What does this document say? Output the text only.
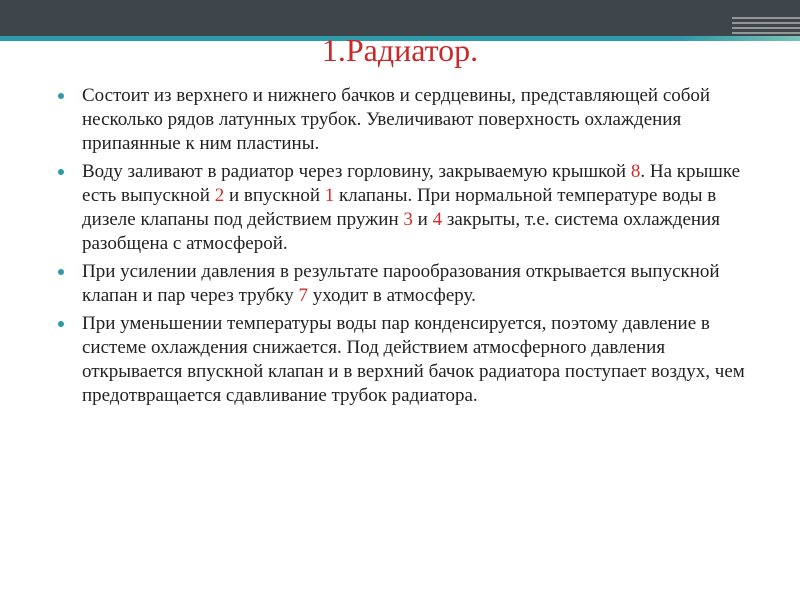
1.Радиатор.
Состоит из верхнего и нижнего бачков и сердцевины, представляющей собой несколько рядов латунных трубок. Увеличивают поверхность охлаждения припаянные к ним пластины.
Воду заливают в радиатор через горловину, закрываемую крышкой 8. На крышке есть выпускной 2 и впускной 1 клапаны. При нормальной температуре воды в дизеле клапаны под действием пружин 3 и 4 закрыты, т.е. система охлаждения разобщена с атмосферой.
При усилении давления в результате парообразования открывается выпускной клапан и пар через трубку 7 уходит в атмосферу.
При уменьшении температуры воды пар конденсируется, поэтому давление в системе охлаждения снижается. Под действием атмосферного давления открывается впускной клапан и в верхний бачок радиатора поступает воздух, чем предотвращается сдавливание трубок радиатора.
